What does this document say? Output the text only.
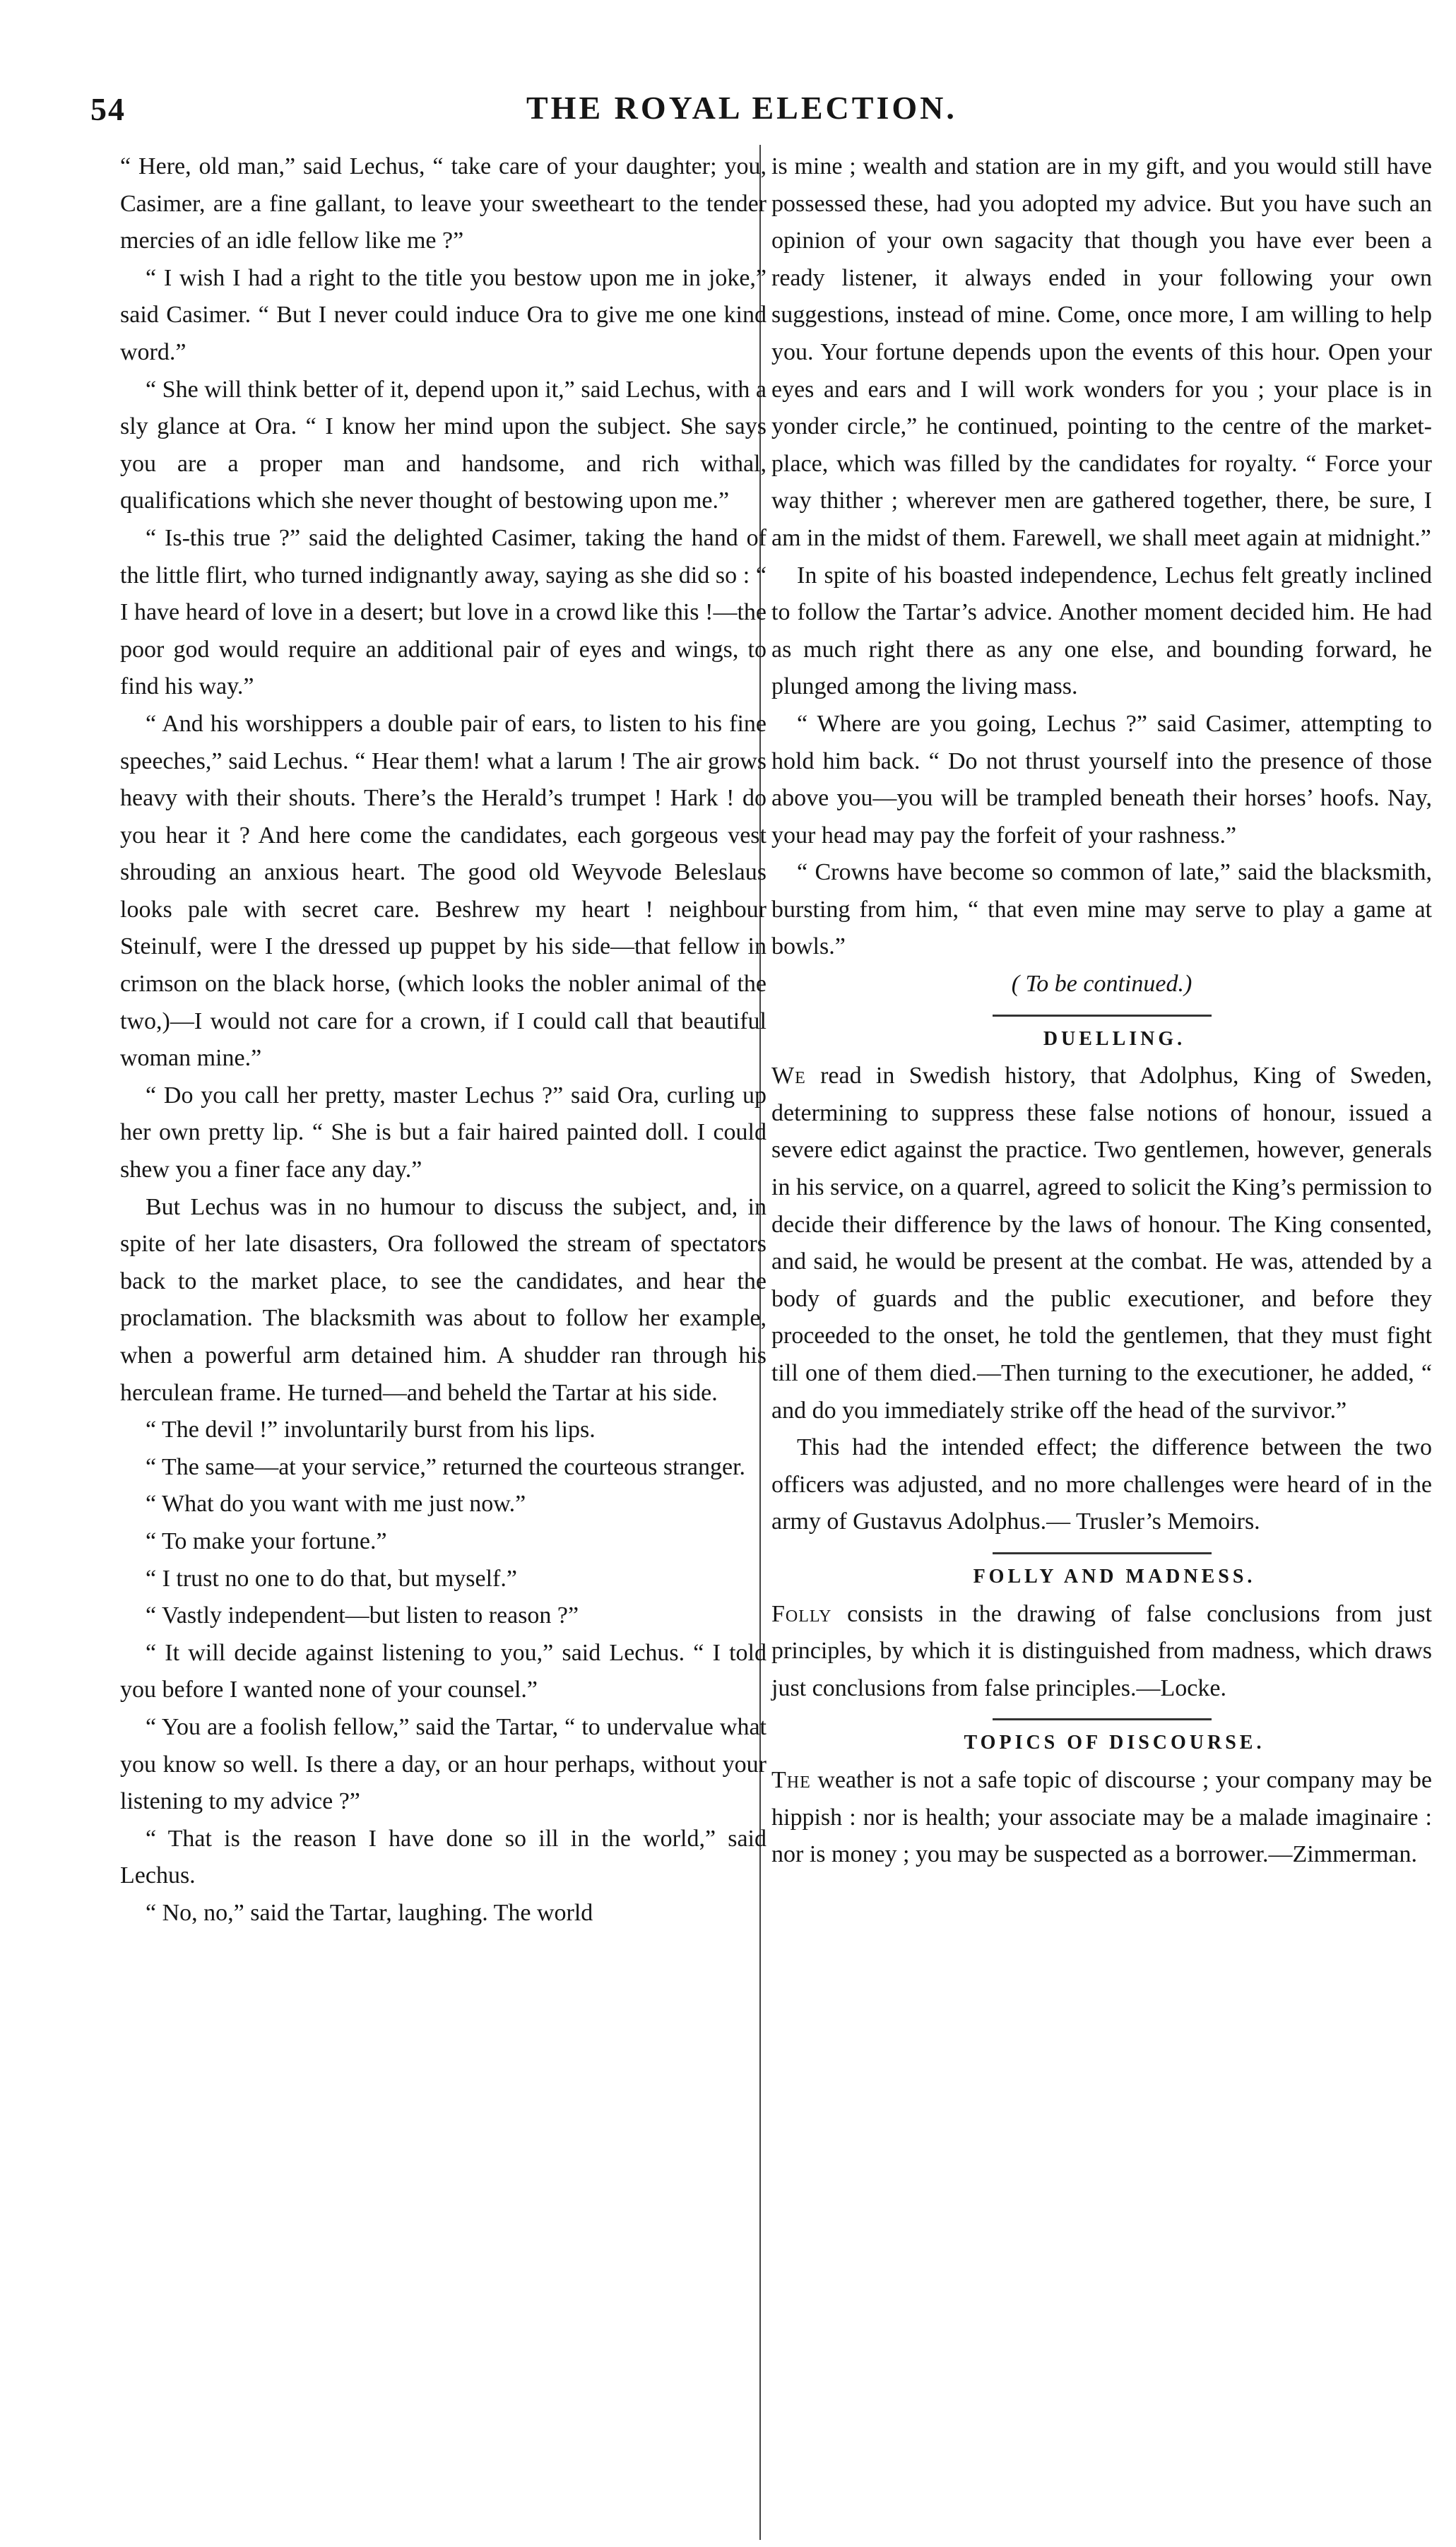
54	THE ROYAL ELECTION.

“ Here, old man,” said Lechus, “ take care of your daughter; you, Casimer, are a fine gallant, to leave your sweetheart to the tender mercies of an idle fellow like me ?”

“ I wish I had a right to the title you bestow upon me in joke,” said Casimer. “ But I never could induce Ora to give me one kind word.”

“ She will think better of it, depend upon it,” said Lechus, with a sly glance at Ora. “ I know her mind upon the subject. She says you are a proper man and handsome, and rich withal, qualifications which she never thought of bestowing upon me.”

“ Is-this true ?” said the delighted Casimer, taking the hand of the little flirt, who turned indignantly away, saying as she did so : “ I have heard of love in a desert; but love in a crowd like this !—the poor god would require an additional pair of eyes and wings, to find his way.”

“ And his worshippers a double pair of ears, to listen to his fine speeches,” said Lechus. “ Hear them! what a larum ! The air grows heavy with their shouts. There’s the Herald’s trumpet ! Hark ! do you hear it ? And here come the candidates, each gorgeous vest shrouding an anxious heart. The good old Weyvode Beleslaus looks pale with secret care. Beshrew my heart ! neighbour Steinulf, were I the dressed up puppet by his side—that fellow in crimson on the black horse, (which looks the nobler animal of the two,)—I would not care for a crown, if I could call that beautiful woman mine.”

“ Do you call her pretty, master Lechus ?” said Ora, curling up her own pretty lip. “ She is but a fair haired painted doll. I could shew you a finer face any day.”

But Lechus was in no humour to discuss the subject, and, in spite of her late disasters, Ora followed the stream of spectators back to the market place, to see the candidates, and hear the proclamation. The blacksmith was about to follow her example, when a powerful arm detained him. A shudder ran through his herculean frame. He turned—and beheld the Tartar at his side.

“ The devil !” involuntarily burst from his lips.

“ The same—at your service,” returned the courteous stranger.

“ What do you want with me just now.”

“ To make your fortune.”

“ I trust no one to do that, but myself.”

“ Vastly independent—but listen to reason ?”

“ It will decide against listening to you,” said Lechus. “ I told you before I wanted none of your counsel.”

“ You are a foolish fellow,” said the Tartar, “ to undervalue what you know so well. Is there a day, or an hour perhaps, without your listening to my advice ?”

“ That is the reason I have done so ill in the world,” said Lechus.

“ No, no,” said the Tartar, laughing. The world

is mine ; wealth and station are in my gift, and you would still have possessed these, had you adopted my advice. But you have such an opinion of your own sagacity that though you have ever been a ready listener, it always ended in your following your own suggestions, instead of mine. Come, once more, I am willing to help you. Your fortune depends upon the events of this hour. Open your eyes and ears and I will work wonders for you ; your place is in yonder circle,” he continued, pointing to the centre of the market-place, which was filled by the candidates for royalty. “ Force your way thither ; wherever men are gathered together, there, be sure, I am in the midst of them. Farewell, we shall meet again at midnight.”

In spite of his boasted independence, Lechus felt greatly inclined to follow the Tartar’s advice. Another moment decided him. He had as much right there as any one else, and bounding forward, he plunged among the living mass.

“ Where are you going, Lechus ?” said Casimer, attempting to hold him back. “ Do not thrust yourself into the presence of those above you—you will be trampled beneath their horses’ hoofs. Nay, your head may pay the forfeit of your rashness.”

“ Crowns have become so common of late,” said the blacksmith, bursting from him, “ that even mine may serve to play a game at bowls.”

( To be continued.)

DUELLING.

We read in Swedish history, that Adolphus, King of Sweden, determining to suppress these false notions of honour, issued a severe edict against the practice. Two gentlemen, however, generals in his service, on a quarrel, agreed to solicit the King’s permission to decide their difference by the laws of honour. The King consented, and said, he would be present at the combat. He was, attended by a body of guards and the public executioner, and before they proceeded to the onset, he told the gentlemen, that they must fight till one of them died.—Then turning to the executioner, he added, “ and do you immediately strike off the head of the survivor.”

This had the intended effect; the difference between the two officers was adjusted, and no more challenges were heard of in the army of Gustavus Adolphus.— Trusler’s Memoirs.

FOLLY AND MADNESS.

Folly consists in the drawing of false conclusions from just principles, by which it is distinguished from madness, which draws just conclusions from false principles.—Locke.

TOPICS OF DISCOURSE.

The weather is not a safe topic of discourse ; your company may be hippish : nor is health; your associate may be a malade imaginaire : nor is money ; you may be suspected as a borrower.—Zimmerman.
